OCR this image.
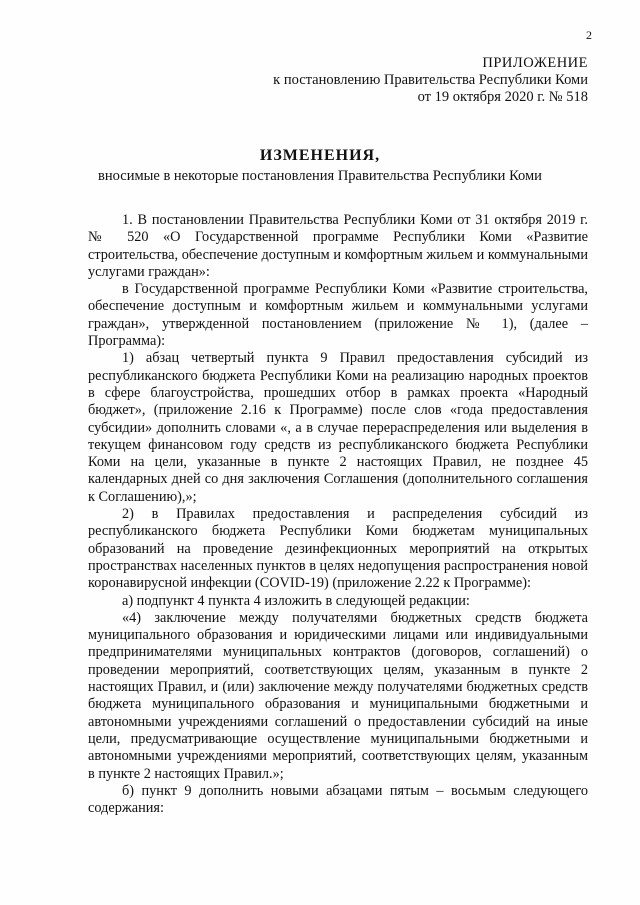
2
ПРИЛОЖЕНИЕ
к постановлению Правительства Республики Коми
от 19 октября 2020 г. № 518
ИЗМЕНЕНИЯ,
вносимые в некоторые постановления Правительства Республики Коми

1. В постановлении Правительства Республики Коми от 31 октября 2019 г. № 520 «О Государственной программе Республики Коми «Развитие строительства, обеспечение доступным и комфортным жильем и коммунальными услугами граждан»:

в Государственной программе Республики Коми «Развитие строительства, обеспечение доступным и комфортным жильем и коммунальными услугами граждан», утвержденной постановлением (приложение № 1), (далее – Программа):

1) абзац четвертый пункта 9 Правил предоставления субсидий из республиканского бюджета Республики Коми на реализацию народных проектов в сфере благоустройства, прошедших отбор в рамках проекта «Народный бюджет», (приложение 2.16 к Программе) после слов «года предоставления субсидии» дополнить словами «, а в случае перераспределения или выделения в текущем финансовом году средств из республиканского бюджета Республики Коми на цели, указанные в пункте 2 настоящих Правил, не позднее 45 календарных дней со дня заключения Соглашения (дополнительного соглашения к Соглашению),»;

2) в Правилах предоставления и распределения субсидий из республиканского бюджета Республики Коми бюджетам муниципальных образований на проведение дезинфекционных мероприятий на открытых пространствах населенных пунктов в целях недопущения распространения новой коронавирусной инфекции (COVID-19) (приложение 2.22 к Программе):

а) подпункт 4 пункта 4 изложить в следующей редакции:

«4) заключение между получателями бюджетных средств бюджета муниципального образования и юридическими лицами или индивидуальными предпринимателями муниципальных контрактов (договоров, соглашений) о проведении мероприятий, соответствующих целям, указанным в пункте 2 настоящих Правил, и (или) заключение между получателями бюджетных средств бюджета муниципального образования и муниципальными бюджетными и автономными учреждениями соглашений о предоставлении субсидий на иные цели, предусматривающие осуществление муниципальными бюджетными и автономными учреждениями мероприятий, соответствующих целям, указанным в пункте 2 настоящих Правил.»;

б) пункт 9 дополнить новыми абзацами пятым – восьмым следующего содержания:
